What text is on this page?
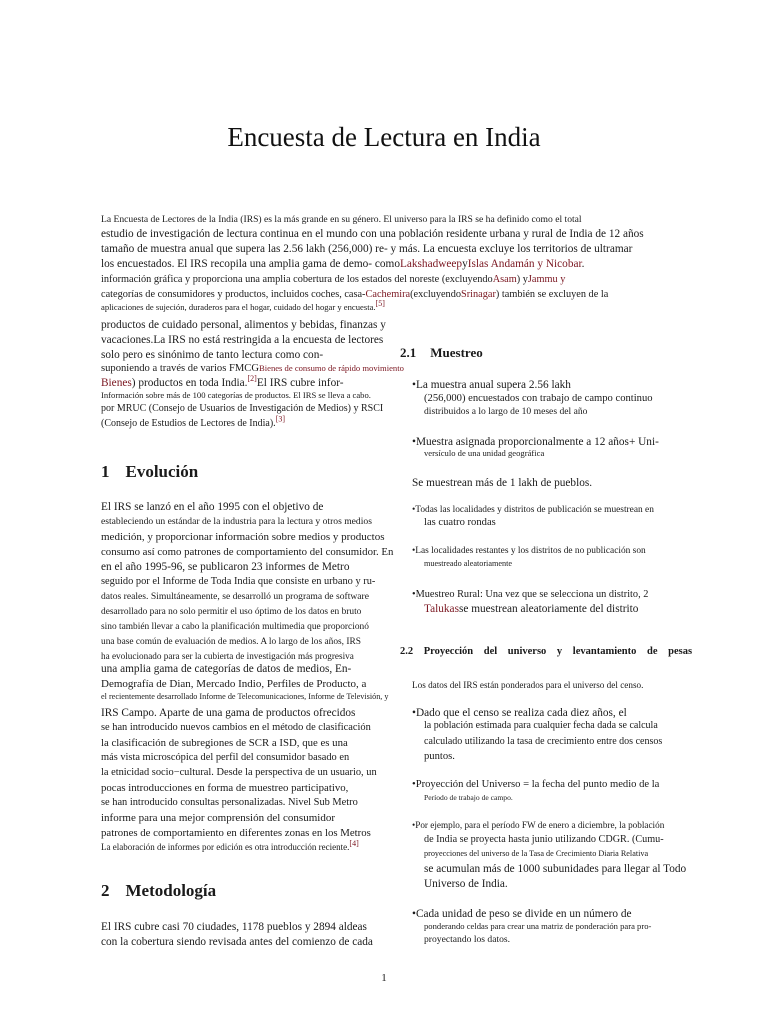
Encuesta de Lectura en India
La Encuesta de Lectores de la India (IRS) es la más grande en su género. El universo para la IRS se ha definido como el total
estudio de investigación de lectura continua en el mundo con una población residente urbana y rural de India de 12 años
tamaño de muestra anual que supera las 2.56 lakh (256,000) re- y más. La encuesta excluye los territorios de ultramar
los encuestados. El IRS recopila una amplia gama de demo- comoLakshadweepyIslas Andamán y Nicobar.
información gráfica y proporciona una amplia cobertura de los estados del noreste (excluyendoAsam) yJammu y
categorías de consumidores y productos, incluidos coches, casa-Cachemira(excluyendoSrinagar) también se excluyen de la
aplicaciones de sujeción, duraderos para el hogar, cuidado del hogar y encuesta.[5]
productos de cuidado personal, alimentos y bebidas, finanzas y
vacaciones.La IRS no está restringida a la encuesta de lectores
solo pero es sinónimo de tanto lectura como con-
suponiendo a través de varios FMCGBienes de consumo de rápido movimiento
Bienes) productos en toda India.[2]El IRS cubre infor-
Información sobre más de 100 categorías de productos. El IRS se lleva a cabo.
por MRUC (Consejo de Usuarios de Investigación de Medios) y RSCI
(Consejo de Estudios de Lectores de India).[3]
1 Evolución
El IRS se lanzó en el año 1995 con el objetivo de
estableciendo un estándar de la industria para la lectura y otros medios
medición, y proporcionar información sobre medios y productos
consumo así como patrones de comportamiento del consumidor. En
en el año 1995-96, se publicaron 23 informes de Metro
seguido por el Informe de Toda India que consiste en urbano y ru-
datos reales. Simultáneamente, se desarrolló un programa de software
desarrollado para no solo permitir el uso óptimo de los datos en bruto
sino también llevar a cabo la planificación multimedia que proporcionó
una base común de evaluación de medios. A lo largo de los años, IRS
ha evolucionado para ser la cubierta de investigación más progresiva
una amplia gama de categorías de datos de medios, En-
Demografía de Dian, Mercado Indio, Perfiles de Producto, a
el recientemente desarrollado Informe de Telecomunicaciones, Informe de Televisión, y
IRS Campo. Aparte de una gama de productos ofrecidos
se han introducido nuevos cambios en el método de clasificación
la clasificación de subregiones de SCR a ISD, que es una
más vista microscópica del perfil del consumidor basado en
la etnicidad socio−cultural. Desde la perspectiva de un usuario, un
pocas introducciones en forma de muestreo participativo,
se han introducido consultas personalizadas. Nivel Sub Metro
informe para una mejor comprensión del consumidor
patrones de comportamiento en diferentes zonas en los Metros
La elaboración de informes por edición es otra introducción reciente.[4]
2 Metodología
El IRS cubre casi 70 ciudades, 1178 pueblos y 2894 aldeas
con la cobertura siendo revisada antes del comienzo de cada
2.1 Muestreo
•La muestra anual supera 2.56 lakh
(256,000) encuestados con trabajo de campo continuo
distribuidos a lo largo de 10 meses del año
•Muestra asignada proporcionalmente a 12 años+ Uni-
versículo de una unidad geográfica
Se muestrean más de 1 lakh de pueblos.
•Todas las localidades y distritos de publicación se muestrean en
las cuatro rondas
•Las localidades restantes y los distritos de no publicación son
muestreado aleatoriamente
•Muestreo Rural: Una vez que se selecciona un distrito, 2
Talukasse muestrean aleatoriamente del distrito
2.2 Proyección del universo y levantamiento de pesas
Los datos del IRS están ponderados para el universo del censo.
•Dado que el censo se realiza cada diez años, el
la población estimada para cualquier fecha dada se calcula
calculado utilizando la tasa de crecimiento entre dos censos
puntos.
•Proyección del Universo = la fecha del punto medio de la
Período de trabajo de campo.
•Por ejemplo, para el período FW de enero a diciembre, la población
de India se proyecta hasta junio utilizando CDGR. (Cumu-
proyecciones del universo de la Tasa de Crecimiento Diaria Relativa
se acumulan más de 1000 subunidades para llegar al Todo
Universo de India.
•Cada unidad de peso se divide en un número de
ponderando celdas para crear una matriz de ponderación para pro-
proyectando los datos.
1
